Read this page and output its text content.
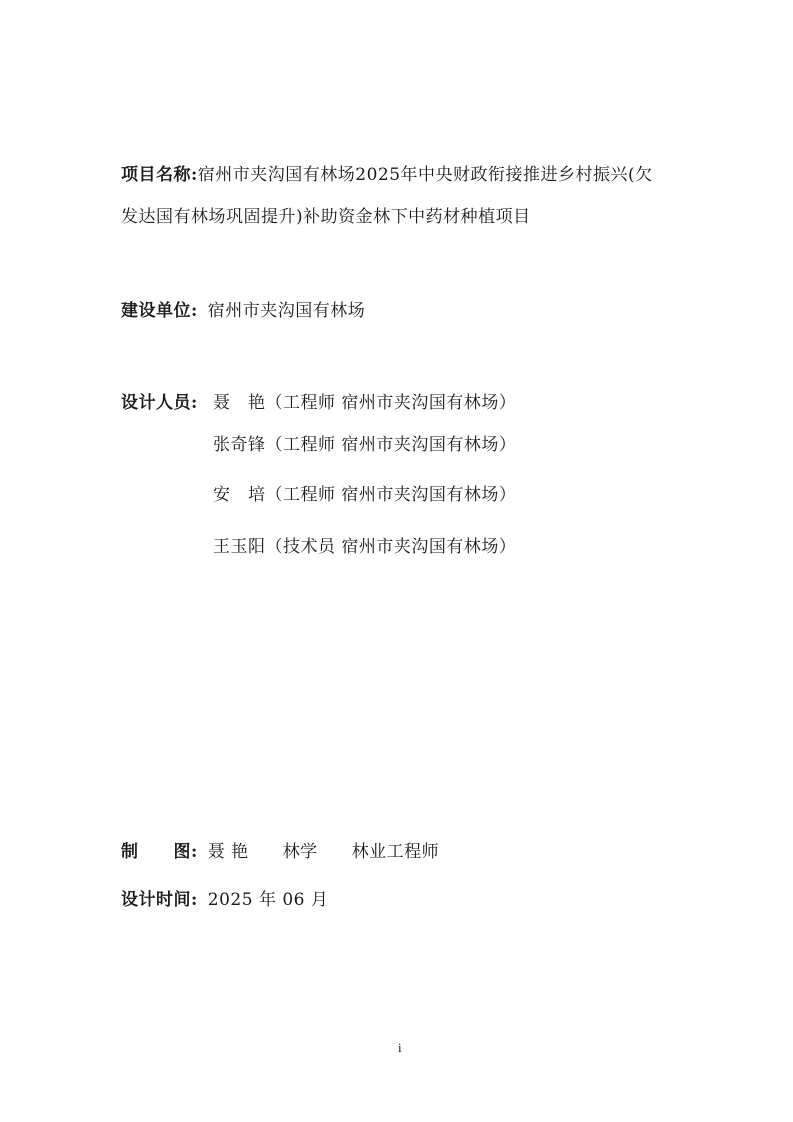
项目名称:宿州市夹沟国有林场2025年中央财政衔接推进乡村振兴(欠
发达国有林场巩固提升)补助资金林下中药材种植项目
建设单位: 宿州市夹沟国有林场
设计人员: 聂　艳（工程师 宿州市夹沟国有林场）
张奇锋（工程师 宿州市夹沟国有林场）
安　培（工程师 宿州市夹沟国有林场）
王玉阳（技术员 宿州市夹沟国有林场）
制　　图: 聂 艳 林学 林业工程师
设计时间: 2025 年 06 月
i
